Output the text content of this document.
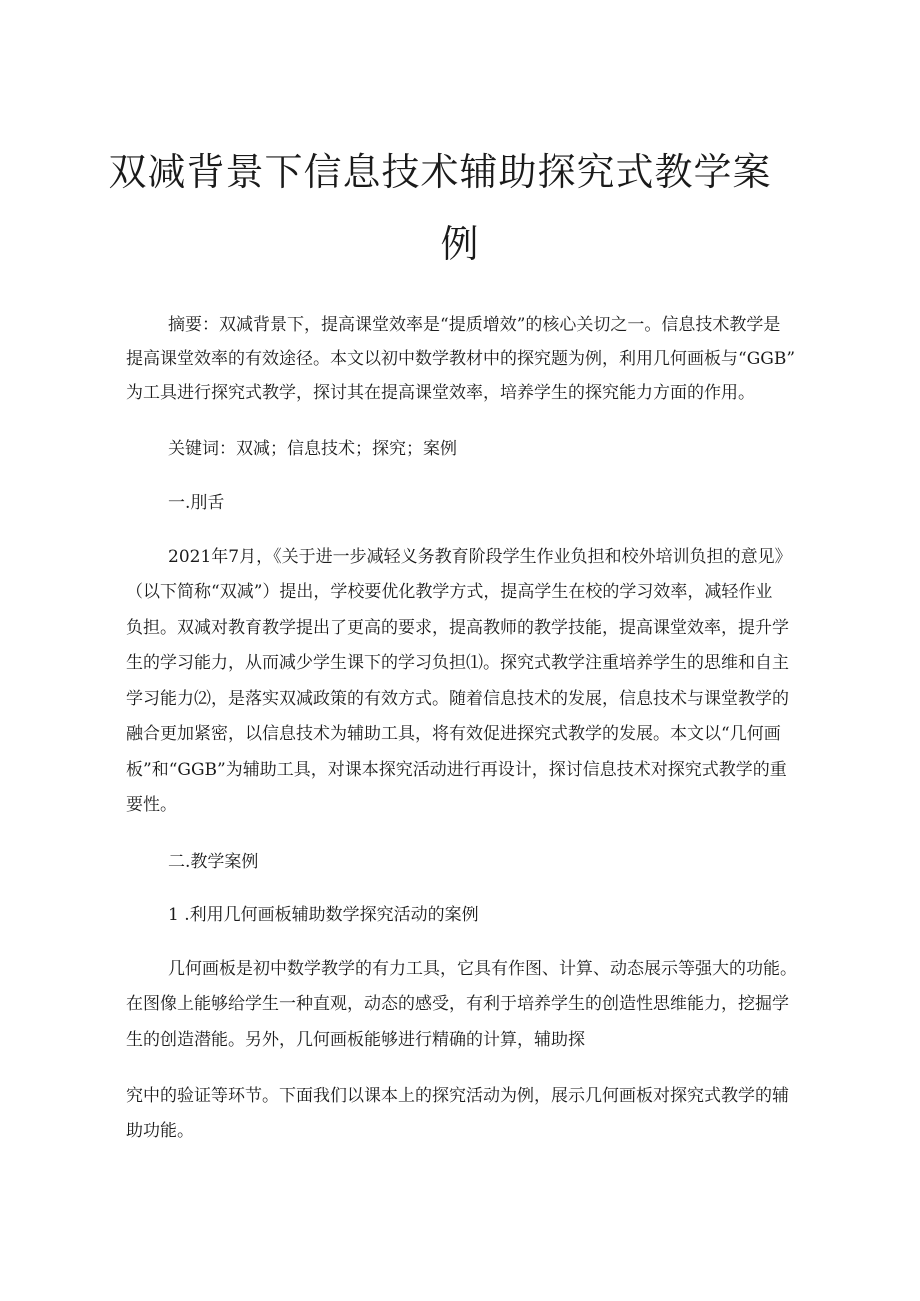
双减背景下信息技术辅助探究式教学案
例

摘要：双减背景下，提高课堂效率是“提质增效”的核心关切之一。信息技术教学是

提高课堂效率的有效途径。本文以初中数学教材中的探究题为例，利用几何画板与“GGB”

为工具进行探究式教学，探讨其在提高课堂效率，培养学生的探究能力方面的作用。

关键词：双减；信息技术；探究；案例

一.刖舌

2021年7月，《关于进一步减轻义务教育阶段学生作业负担和校外培训负担的意见》

（以下简称“双减”）提出，学校要优化教学方式，提高学生在校的学习效率，减轻作业

负担。双减对教育教学提出了更高的要求，提高教师的教学技能，提高课堂效率，提升学

生的学习能力，从而减少学生课下的学习负担⑴。探究式教学注重培养学生的思维和自主

学习能力⑵，是落实双减政策的有效方式。随着信息技术的发展，信息技术与课堂教学的

融合更加紧密，以信息技术为辅助工具，将有效促进探究式教学的发展。本文以“几何画

板”和“GGB”为辅助工具，对课本探究活动进行再设计，探讨信息技术对探究式教学的重

要性。

二.教学案例

1 .利用几何画板辅助数学探究活动的案例

几何画板是初中数学教学的有力工具，它具有作图、计算、动态展示等强大的功能。

在图像上能够给学生一种直观，动态的感受，有利于培养学生的创造性思维能力，挖掘学

生的创造潜能。另外，几何画板能够进行精确的计算，辅助探

究中的验证等环节。下面我们以课本上的探究活动为例，展示几何画板对探究式教学的辅

助功能。
